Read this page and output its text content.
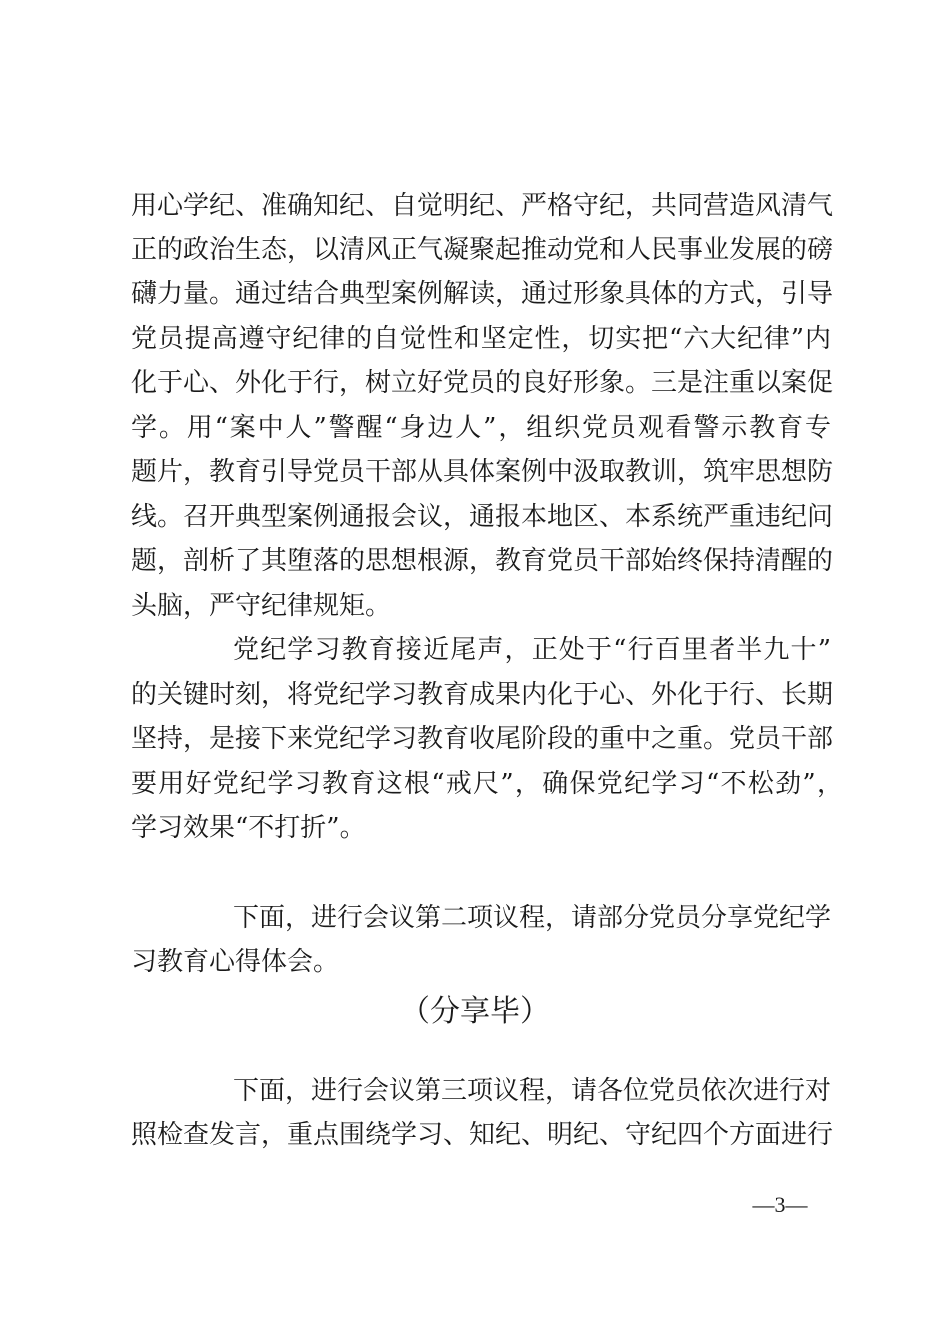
用心学纪、准确知纪、自觉明纪、严格守纪，共同营造风清气
正的政治生态，以清风正气凝聚起推动党和人民事业发展的磅
礴力量。通过结合典型案例解读，通过形象具体的方式，引导
党员提高遵守纪律的自觉性和坚定性，切实把“六大纪律”内
化于心、外化于行，树立好党员的良好形象。三是注重以案促
学。用“案中人”警醒“身边人”，组织党员观看警示教育专
题片，教育引导党员干部从具体案例中汲取教训，筑牢思想防
线。召开典型案例通报会议，通报本地区、本系统严重违纪问
题，剖析了其堕落的思想根源，教育党员干部始终保持清醒的
头脑，严守纪律规矩。
党纪学习教育接近尾声，正处于“行百里者半九十”
的关键时刻，将党纪学习教育成果内化于心、外化于行、长期
坚持，是接下来党纪学习教育收尾阶段的重中之重。党员干部
要用好党纪学习教育这根“戒尺”，确保党纪学习“不松劲”，
学习效果“不打折”。
下面，进行会议第二项议程，请部分党员分享党纪学
习教育心得体会。
（分享毕）
下面，进行会议第三项议程，请各位党员依次进行对
照检查发言，重点围绕学习、知纪、明纪、守纪四个方面进行
—3—
